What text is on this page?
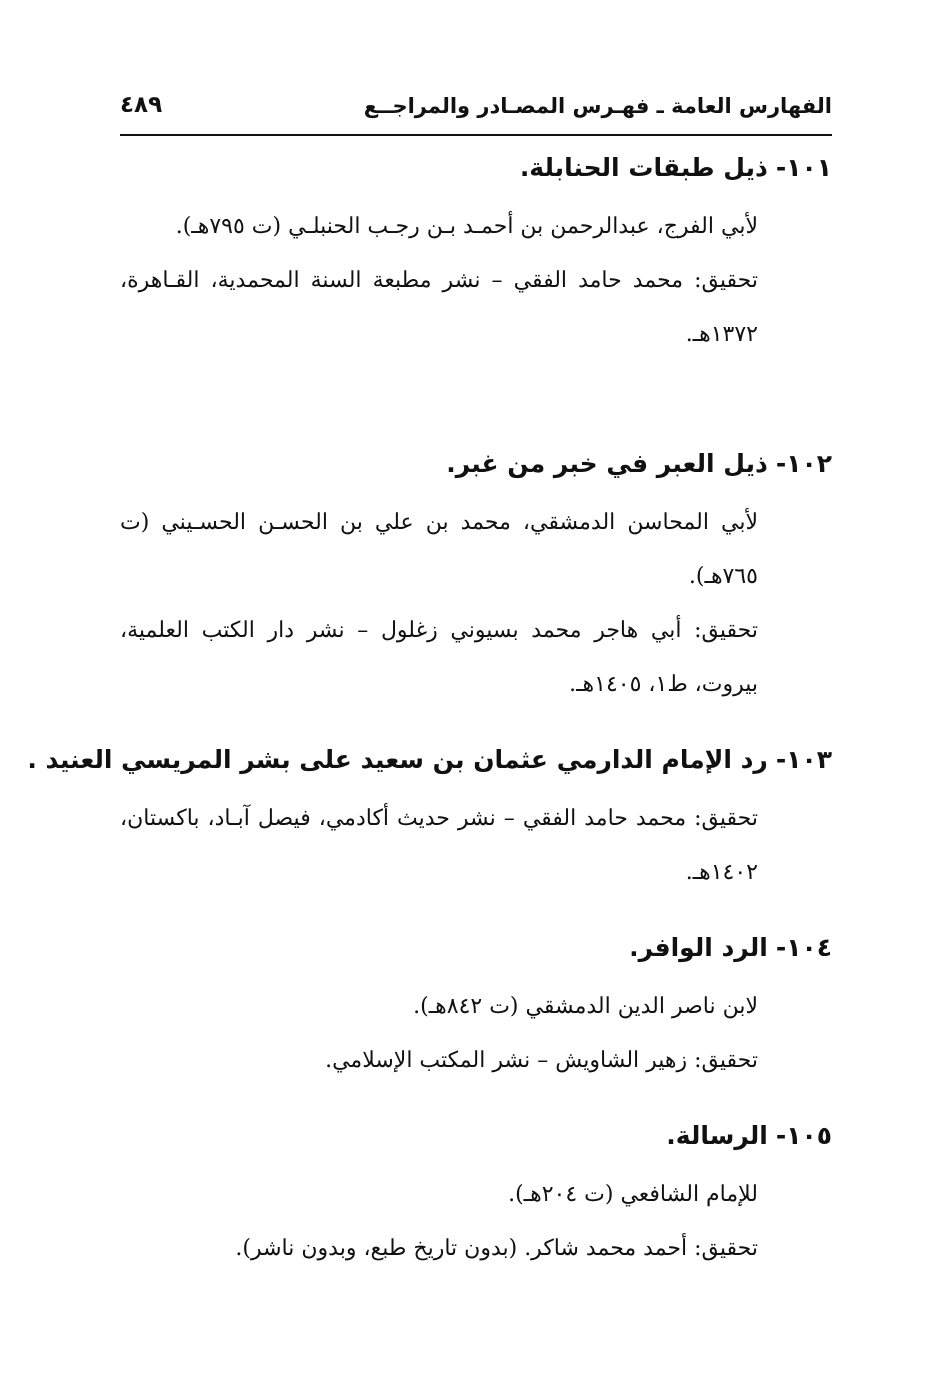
الفهارس العامة ـ فهـرس المصـادر والمراجــع
٤٨٩
١٠١-ذيل طبقات الحنابلة.

لأبي الفرج، عبدالرحمن بن أحمـد بـن رجـب الحنبلـي (ت ٧٩٥هـ).

تحقيق: محمد حامد الفقي – نشر مطبعة السنة المحمدية، القـاهرة، ١٣٧٢هـ.

١٠٢-ذيل العبر في خبر من غبر.

لأبي المحاسن الدمشقي، محمد بن علي بن الحسـن الحسـيني (ت ٧٦٥هـ).

تحقيق: أبي هاجر محمد بسيوني زغلول – نشر دار الكتب العلمية، بيروت، ط١، ١٤٠٥هـ.

١٠٣-رد الإمام الدارمي عثمان بن سعيد على بشر المريسي العنيد .

تحقيق: محمد حامد الفقي – نشر حديث أكادمي، فيصل آبـاد، باكستان، ١٤٠٢هـ.

١٠٤-الرد الوافر.

لابن ناصر الدين الدمشقي (ت ٨٤٢هـ).

تحقيق: زهير الشاويش – نشر المكتب الإسلامي.

١٠٥-الرسالة.

للإمام الشافعي (ت ٢٠٤هـ).

تحقيق: أحمد محمد شاكر. (بدون تاريخ طبع، وبدون ناشر).
